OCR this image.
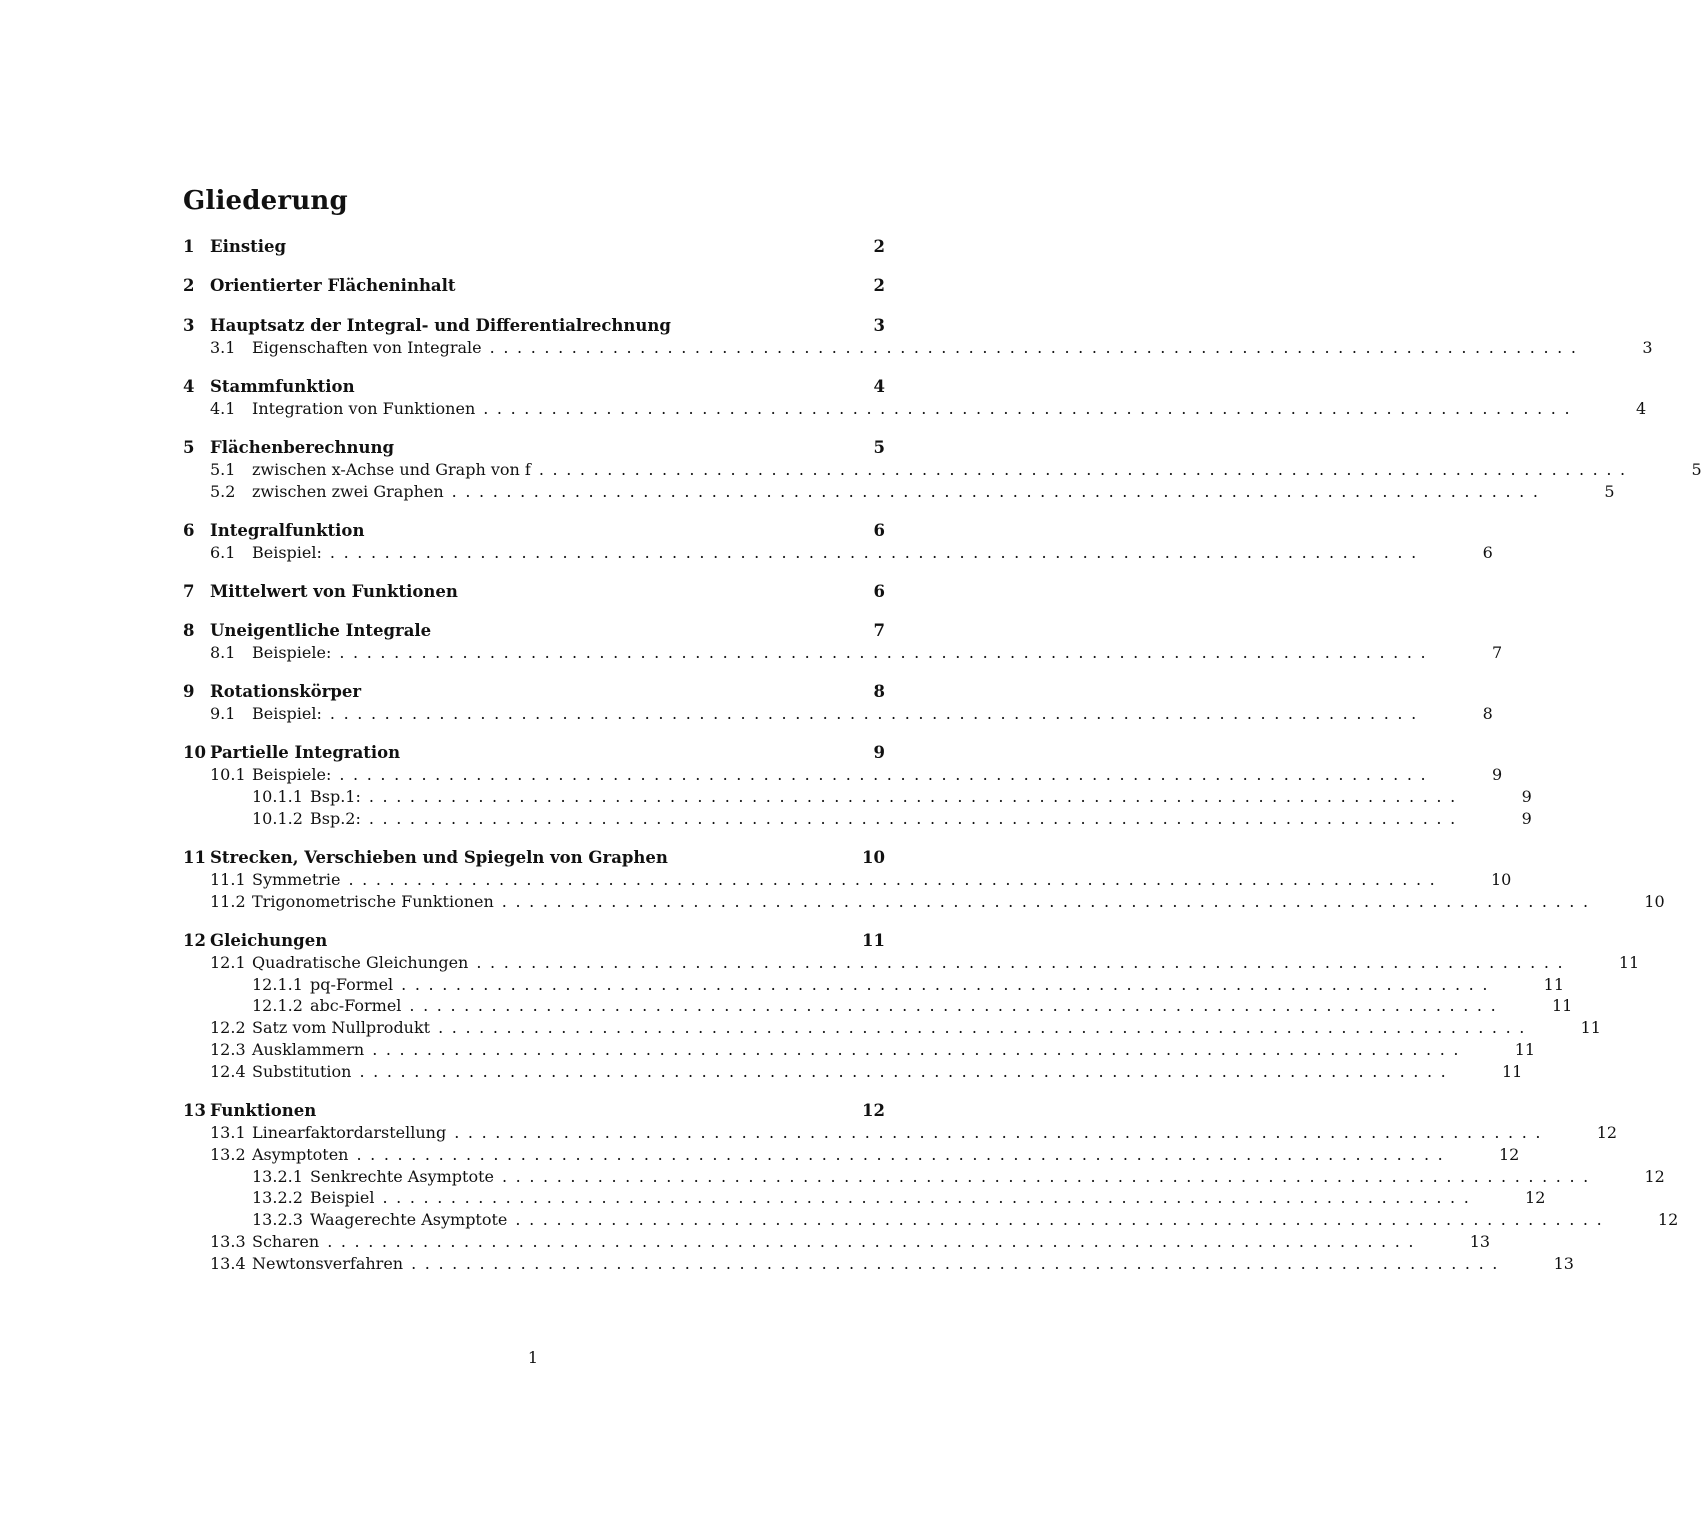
Gliederung
1 Einstieg	2
2 Orientierter Flächeninhalt	2
3 Hauptsatz der Integral- und Differentialrechnung	3
3.1	Eigenschaften von Integrale ................................................................................	3
4 Stammfunktion	4
4.1	Integration von Funktionen ................................................................................	4
5 Flächenberechnung	5
5.1	zwischen x-Achse und Graph von f ................................................................................	5
5.2	zwischen zwei Graphen ................................................................................	5
6 Integralfunktion	6
6.1	Beispiel: ................................................................................	6
7 Mittelwert von Funktionen	6
8 Uneigentliche Integrale	7
8.1	Beispiele: ................................................................................	7
9 Rotationskörper	8
9.1	Beispiel: ................................................................................	8
10 Partielle Integration	9
10.1 Beispiele: ................................................................................	9
10.1.1 Bsp.1: ................................................................................	9
10.1.2 Bsp.2: ................................................................................	9
11 Strecken, Verschieben und Spiegeln von Graphen	10
11.1 Symmetrie ................................................................................	10
11.2 Trigonometrische Funktionen ................................................................................	10
12 Gleichungen	11
12.1 Quadratische Gleichungen ................................................................................	11
12.1.1 pq-Formel ................................................................................	11
12.1.2 abc-Formel ................................................................................	11
12.2 Satz vom Nullprodukt ................................................................................	11
12.3 Ausklammern ................................................................................	11
12.4 Substitution ................................................................................	11
13 Funktionen	12
13.1 Linearfaktordarstellung ................................................................................	12
13.2 Asymptoten ................................................................................	12
13.2.1 Senkrechte Asymptote ................................................................................	12
13.2.2 Beispiel ................................................................................	12
13.2.3 Waagerechte Asymptote ................................................................................	12
13.3 Scharen ................................................................................	13
13.4 Newtonsverfahren ................................................................................	13
1
